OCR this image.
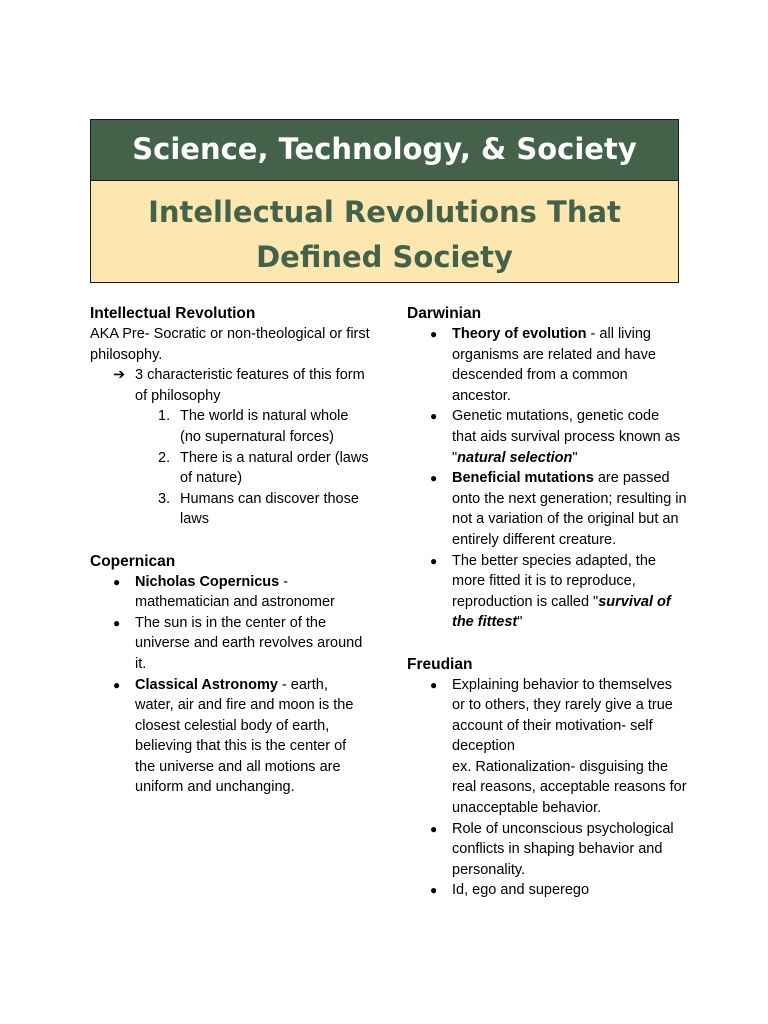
Science, Technology, & Society
Intellectual Revolutions That
Defined Society

Intellectual Revolution

AKA Pre- Socratic or non-theological or first philosophy.

➔ 3 characteristic features of this form of philosophy
1. The world is natural whole (no supernatural forces)
2. There is a natural order (laws of nature)
3. Humans can discover those laws

Copernican

● Nicholas Copernicus - mathematician and astronomer
● The sun is in the center of the universe and earth revolves around it.
● Classical Astronomy - earth, water, air and fire and moon is the closest celestial body of earth, believing that this is the center of the universe and all motions are uniform and unchanging.

Darwinian

● Theory of evolution - all living organisms are related and have descended from a common ancestor.
● Genetic mutations, genetic code that aids survival process known as "natural selection"
● Beneficial mutations are passed onto the next generation; resulting in not a variation of the original but an entirely different creature.
● The better species adapted, the more fitted it is to reproduce, reproduction is called "survival of the fittest"

Freudian

● Explaining behavior to themselves or to others, they rarely give a true account of their motivation- self deception
ex. Rationalization- disguising the real reasons, acceptable reasons for unacceptable behavior.
● Role of unconscious psychological conflicts in shaping behavior and personality.
● Id, ego and superego
